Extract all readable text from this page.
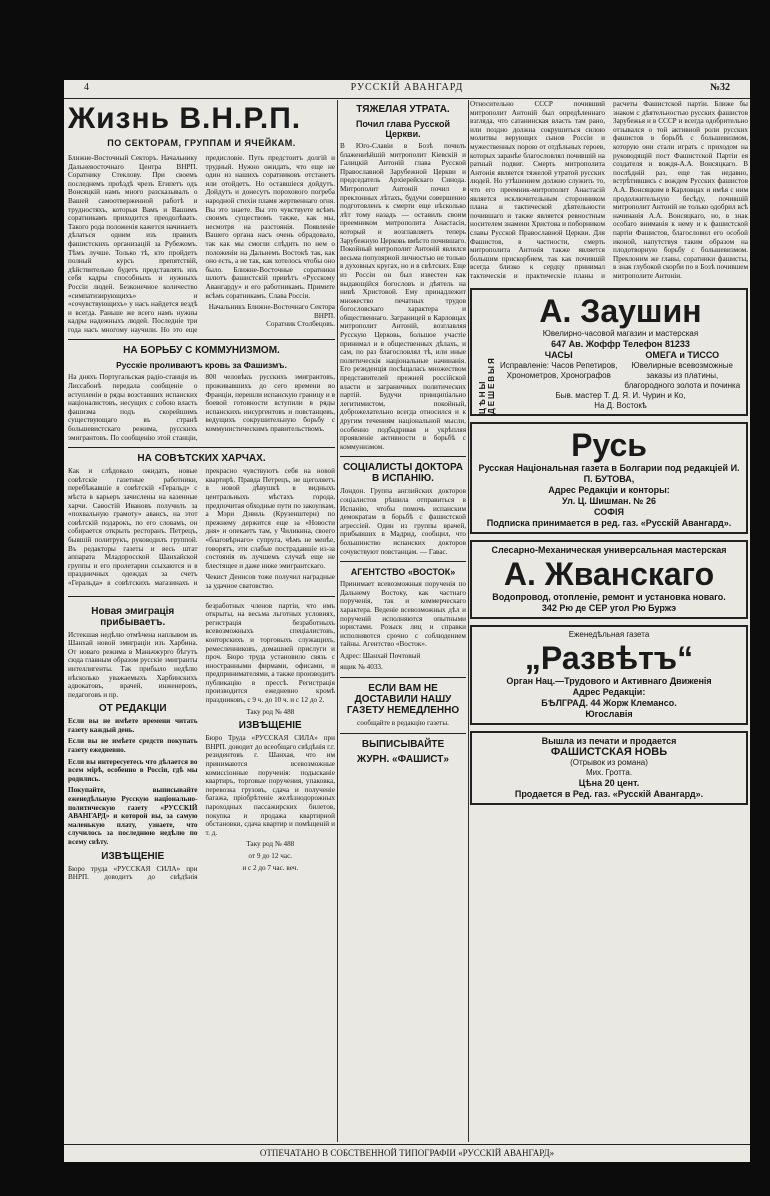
4	РУССКIЙ АВАНГАРД	№32
Жизнь В.Н.Р.П.
ПО СЕКТОРАМ, ГРУППАМ И ЯЧЕЙКАМ.

Ближне-Восточный Секторъ. Начальнику Дальневосточнаго Центра ВНРП. Соратнику Стеклову. При своемъ последнемъ проѣздѣ чрезъ Египетъ одъ Вонсяцкій намъ много разсказывалъ о Вашей самоотверженной работѣ и трудностяхъ, которыя Вамъ и Вашимъ соратникамъ приходится преодолѣвать. Такого рода положенія кажется начинаетъ дѣлаться одним изъ правилъ фашистскихъ организацій за Рубежомъ. Тѣмъ лучше. Только тѣ, кто пройдетъ полный курсъ препятствій, дѣйствительно будетъ представлять изъ себя кадры способныхъ и нужныхъ Россіи людей. Безконечное количество «симпатизирующихъ» и «сочувствующихъ» у насъ найдется вездѣ и всегда. Раньше же всего намъ нужны кадры надежныхъ людей. Последніе три года насъ многому научили. Но это еще предисловіе. Путь предстоитъ долгій и трудный. Нужно ожидать, что еще не один из нашихъ соратниковъ отстанетъ или отойдетъ. Но оставшіеся дойдутъ. Дойдутъ и донесутъ порохового погреба народной стихіи пламя жертвеннаго огня. Вы это знаете. Вы это чувствуете всѣмъ своимъ существомъ также, как мы, несмотря на разстоянія. Появленіе Вашего органа насъ очень обрадовало, так как мы смогли слѣдить по нем о положеніи на Дальнемъ Востокѣ так, как оно есть, а не так, как хотелось чтобы оно было. Ближне-Восточные соратники шлютъ фашистскій привѣтъ «Русскому Авангарду» и его работникамъ. Примите всѣмъ соратникамъ. Слава Россіи.

Начальникъ Ближне-Восточнаго Сектора ВНРП.

Соратник Столбецовъ.

НА БОРЬБУ С КОММУНИЗМОМ.
Русскіе проливаютъ кровь за Фашизмъ.

На дняхъ Португальская радіо-станція въ Лиссабонѣ передала сообщеніе о вступленіи в ряды возставших испанских націоналистовъ, несущих с собою власть фашизма подъ скорейшимъ существующаго въ странѣ большевистскаго режима, русскихъ эмигрантовъ. По сообщенію этой станціи, 800 человѣкъ русскихъ эмигрантовъ, проживавшихъ до сего времени во Франціи, перешли испанскую границу и в боевой готовности вступили в ряды испанскихъ инсургентовъ и повстанцевъ, ведущихъ сокрушительную борьбу с коммунистическимъ правительствомъ.

НА СОВѢТСКИХ ХАРЧАХ.

Как и слѣдовало ожидать, новые совѣтскіе газетные работники, перебѣжавшіе в совѣтскій «Геральд» с мѣста в карьеръ зачислены на казенные харчи. Савостій Ивановъ получилъ за «похвальную грамоту» авансъ, на этот совѣтскій подарокъ, по его словамъ, он собирается открыть ресторанъ. Петрецъ, бывшій политрукъ, руководилъ группой. Въ редакторы газеты и весь штат аппарата Младоросской Шанхайской группы и его пролетарии ссыхаются и в праздничных одеждах за счетъ «Геральда» в совѣтскихъ магазинахъ и прекрасно чувствуютъ себя на новой квартирѣ. Правда Петрецъ, не щеголяетъ в новой дѣвушкѣ в видныхъ центральныхъ мѣстахъ города, предпочитая обходные пути по закоулкам, а Мэри Дэвиль (Крузенштерн) по прежнему держится еще за «Новости дня» и опекаетъ там, у Чиликина, своего «благовѣрнаго» супруга, чѣмъ не менѣе, говорятъ, эти слабые пострадавшіе из-за состоянія въ лучшемъ случаѣ еще не блестящее и даже ниже эмигрантскаго.

Чекист Денисов тоже получил наградные за удачное сватовство.

Новая эмиграція прибываетъ.

Истекшая недѣлю отмѣчена наплывом въ Шанхай новой эмиграціи изъ Харбина. От новаго режима в Маньчжурго бѣгутъ сюда главным образом русскіе эмигранты интеллигенты. Так прибыло недѣлю нѣсколько уважаемыхъ Харбинскихъ адвокатовъ, врачей, инженеровъ, педагоговъ и пр.

ОТ РЕДАКЦІИ

Если вы не имѣете времени читать газету каждый день.

Если вы не имѣете средств покупать газету ежедневно.

Если вы интересуетесь что дѣлается во всем мірѣ, особенно в Россіи, гдѣ мы родились.

Покупайте, выписывайте еженедѣльную Русскую національно-политическую газету «РУССКIЙ АВАНГАРД» и которой вы, за самую маленькую плату, узнаете, что случилось за последнюю недѣлю по всему свѣту.

ИЗВѢЩЕНІЕ

Бюро труда «РУССКАЯ СИЛА» при ВНРП. доводитъ до свѣдѣнія безработных членов партіи, что имъ открыты, на весьма льготных условиях, регистрація безработныхъ всевозможныхъ спеціалистовъ, конторскихъ и торговыхъ служащихъ, ремесленниковъ, домашней прислуги и проч. Бюро труда установило связь с иностранными фирмами, офисами, и предпринимателями, а также производитъ публикацію в прессѣ. Регистрація производится ежедневно кромѣ праздниковъ, с 9 ч. до 10 ч. и с 12 до 2.

Таку род № 488

ИЗВѢЩЕНІЕ

Бюро Труда «РУССКАЯ СИЛА» при ВНРП. доводит до всеобщаго свѣдѣнія г.г. резидентовъ г. Шанхая, что им принимаются всевозможные комиссіонные порученія: подысканіе квартиръ, торговые поручения, упаковка, перевозка грузовъ, сдача и полученіе багажа, пріобрѣтеніе желѣзнодорожных пароходных пассажирских билетов, покупка и продажа квартирной обстановки, сдача квартир и помѣщеній и т. д.

Таку род № 488

от 9 до 12 час.

и с 2 до 7 час. веч.

ТЯЖЕЛАЯ УТРАТА.
Почил глава Русской Церкви.

В Юго-Славіи в Бозѣ почилъ блаженнѣйшій митрополит Кіевскій и Галицкій Антоній глава Русской Православной Зарубежной Церкви и председатель Архіерейскаго Синода. Митрополит Антоній почил в преклонных лѣтахъ, будучи совершенно подготовленъ к смерти еще нѣсколько лѣт тому назадъ — оставилъ своим преемником митрополита Анастасія, который и возглавляетъ теперь Зарубежную Церковь вмѣсто почившаго. Покойный митрополит Антоній являлся весьма популярной личностью не только в духовных кругах, но и в свѣтских. Еще из Россіи он был известен как выдающійся богословъ и дѣятель на нивѣ Христовой. Ему принадлежит множество печатных трудов богословскаго характера и общественнаго. Заграницей в Карловцах митрополит Антоній, возглавляя Русскую Церковь, большое участіе принимал и в общественных дѣлахъ, и сам, по раз благословлял тѣ, или иные политическія національные начинанія. Его резиденція посѣщалась множеством представителей прежней россійской власти и заграничных политических партій. Будучи принципіально легитимистом, покойный, доброжелательно всегда относился и к другим течениям національной мысли, особенно подбадривая и укрѣпляя проявленіе активности в борьбѣ с коммунизмом.

СОЦIАЛИСТЫ ДОКТОРА В ИСПАНIЮ.

Лондон. Группа английских докторов соціалистов рѣшила отправиться в Испанію, чтобы помочь испанским демократам в борьбѣ с фашистской агрессіей. Один из группы врачей, прибывших в Мадрид, сообщил, что большинство испанских докторов сочувствуют повстанцам. — Гавас.

АГЕНТСТВО «ВОСТОК»

Принимает всевозможныя порученія по Дальнему Востоку, как частнаго порученія, так и коммерческаго характера. Веденіе всевозможных дѣл и порученій исполняются опытными юристами. Розыск лиц и справки исполняются срочно с соблюдением тайны. Агентство «Восток».

Адрес: Шанхай Почтовый

ящик № 4033.

ЕСЛИ ВАМ НЕ ДОСТАВИЛИ НАШУ ГАЗЕТУ НЕМЕДЛЕННО

сообщайте в редакцію газеты.

ВЫПИСЫВАЙТЕ
ЖУРН. «ФАШИСТ»

Относительно СССР почивший митрополит Антоній был опредѣленнаго взгляда, что сатанинская власть там рано, или поздно должна сокрушиться силою молитвы верующих сынов Россіи и мужественных порою от отдѣльных героев, которых заранѣе благословлял почившій на ратный подвиг. Смерть митрополита Антонія является тяжелой утратой русских людей. Но утѣшением должно служить то, что его преемник-митрополит Анастасій является исключительным сторонником плана и тактической дѣятельности почившаго и также является ревностным носителем знамени Христова и поборником славы Русской Православной Церкви. Для Фашистов, в частности, смерть митрополита Антонія также является большим прискорбием, так как почившій всегда близко к сердцу принимал тактическія и практическіе планы и расчеты Фашистской партіи. Ближе бы знаком с дѣятельностью русских фашистов Зарубежья и в СССР и всегда одобрительно отзывался о той активной роли русских фашистов в борьбѣ с большевизмом, которую они стали играть с приходом на руководящій пост Фашистской Партіи ея создателя и вождя-А.А. Вонсяцкаго. В послѣдній раз, еще так недавно, встрѣтившись с вождем Русских фашистов А.А. Вонсяцким в Карловцах и имѣя с ним продолжительную бесѣду, почившій митрополит Антоній не только одобрил всѣ начинанія А.А. Вонсяцкаго, но, в знак особаго вниманія к нему и к фашистской партіи Фашистов, благословил его особой иконой, напутствуя таким образом на плодотворную борьбу с большевизмом. Преклоним же главы, соратники фашисты, в знак глубокой скорби по в Бозѣ почившем митрополите Антоніи.

ЦѢНЫ ДЕШЕВЫЯ
А. Заушин
Ювелирно-часовой магазин и мастерская
647 Ав. Жоффр Телефон 81233
ЧАСЫ
Исправленіе: Часов Репетиров, Хронометров, Хронографов
ОМЕГА и ТИССО
Ювелирные всевозможные заказы из платины, благородного золота и починка
Быв. мастер Т. Д. Я. И. Чурин и Ко,
На Д. Востокѣ
Русь
Русская Національная газета в Болгарии под редакціей И. П. БУТОВА,
Адрес Редакціи и конторы:
Ул. Ц. Шишман. № 26
СОФIЯ
Подписка принимается в ред. газ. «Русскій Авангард».
Слесарно-Механическая универсальная мастерская
А. Жванскаго
Водопровод, отопленіе, ремонт и установка новаго.
342 Рю де СЕР угол Рю Буржэ
Еженедѣльная газета
„Развѣтъ“
Орган Нац.—Трудового и Активнаго Движенія
Адрес Редакціи:
БѢЛГРАД. 44 Жорж Клемансо.
Югославія
Вышла из печати и продается
ФАШИСТСКАЯ НОВЬ
(Отрывок из романа)
Мих. Гротта.
Цѣна 20 цент.
Продается в Ред. газ. «Русскій Авангард».
ОТПЕЧАТАНО В СОБСТВЕННОЙ ТИПОГРАФIИ «РУССКIЙ АВАНГАРД»
